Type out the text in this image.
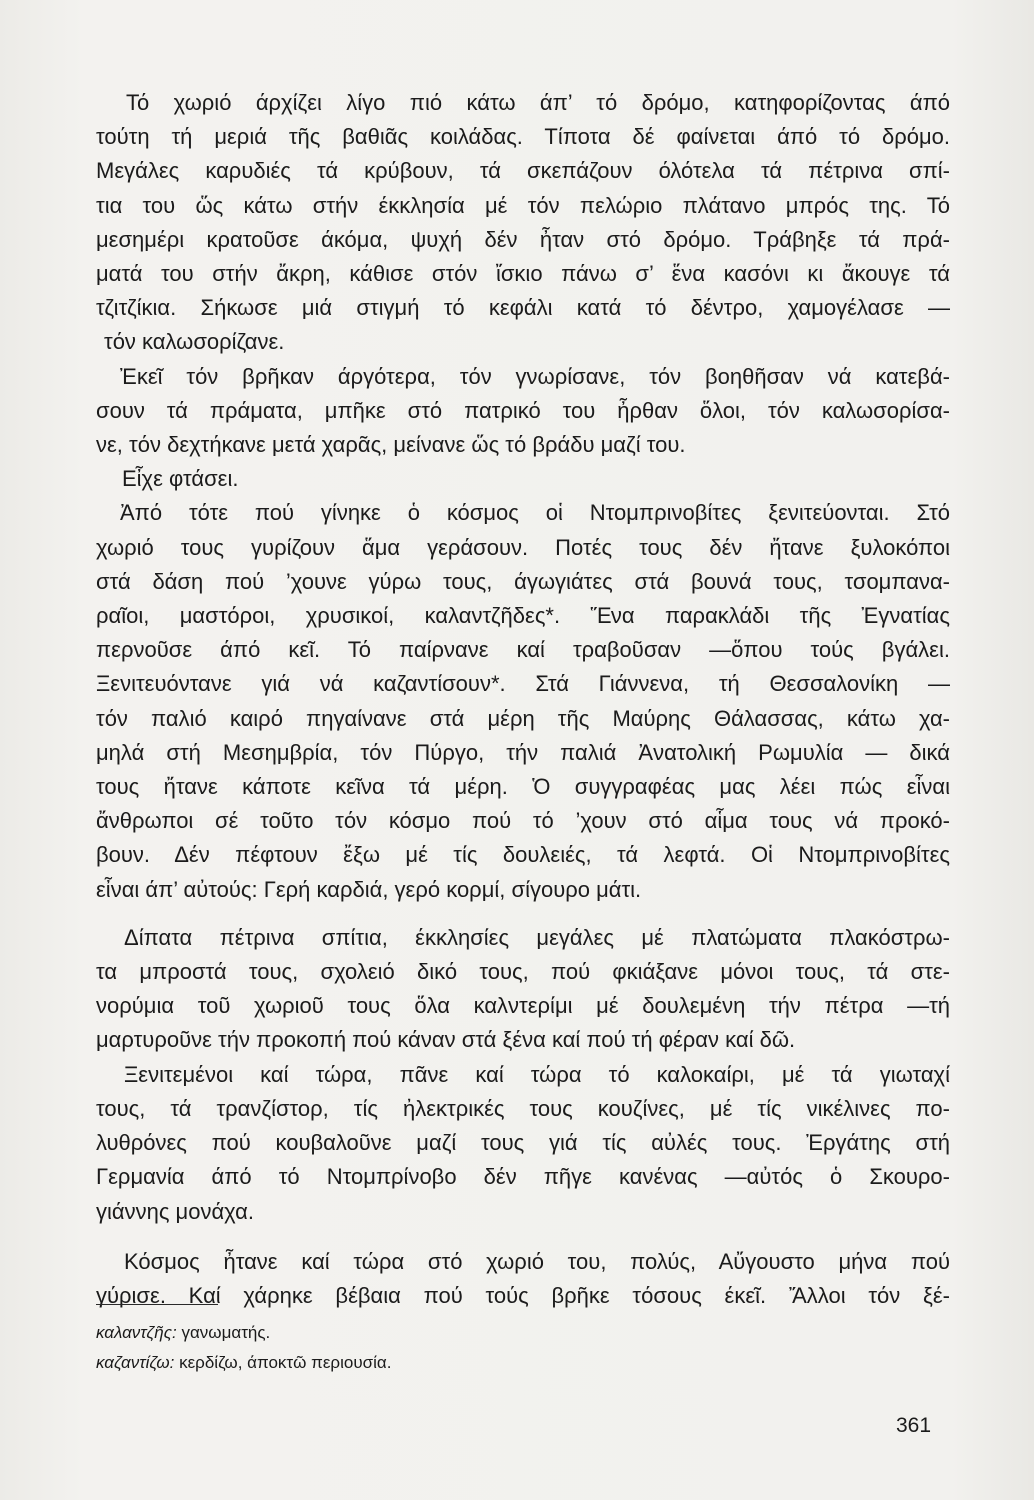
Τό χωριό άρχίζει λίγο πιό κάτω άπ’ τό δρόμο, κατηφορίζοντας άπό
τούτη τή μεριά τῆς βαθιᾶς κοιλάδας. Τίποτα δέ φαίνεται άπό τό δρόμο.
Μεγάλες καρυδιές τά κρύβουν, τά σκεπάζουν όλότελα τά πέτρινα σπί-
τια του ὥς κάτω στήν έκκλησία μέ τόν πελώριο πλάτανο μπρός της. Τό
μεσημέρι κρατοῦσε άκόμα, ψυχή δέν ἦταν στό δρόμο. Τράβηξε τά πρά-
ματά του στήν ἄκρη, κάθισε στόν ἴσκιο πάνω σ’ ἕνα κασόνι κι ἄκουγε τά
τζιτζίκια. Σήκωσε μιά στιγμή τό κεφάλι κατά τό δέντρο, χαμογέλασε —
τόν καλωσορίζανε.

Ἐκεῖ τόν βρῆκαν άργότερα, τόν γνωρίσανε, τόν βοηθῆσαν νά κατεβά-
σουν τά πράματα, μπῆκε στό πατρικό του ἦρθαν ὅλοι, τόν καλωσορίσα-
νε, τόν δεχτήκανε μετά χαρᾶς, μείνανε ὥς τό βράδυ μαζί του.

Εἶχε φτάσει.

Ἀπό τότε πού γίνηκε ὁ κόσμος οἱ Ντομπρινοβίτες ξενιτεύονται. Στό
χωριό τους γυρίζουν ἅμα γεράσουν. Ποτές τους δέν ἤτανε ξυλοκόποι
στά δάση πού ’χουνε γύρω τους, άγωγιάτες στά βουνά τους, τσομπανα-
ραῖοι, μαστόροι, χρυσικοί, καλαντζῆδες*. Ἕνα παρακλάδι τῆς Ἐγνατίας
περνοῦσε άπό κεῖ. Τό παίρνανε καί τραβοῦσαν —ὅπου τούς βγάλει.
Ξενιτευόντανε γιά νά καζαντίσουν*. Στά Γιάννενα, τή Θεσσαλονίκη —
τόν παλιό καιρό πηγαίνανε στά μέρη τῆς Μαύρης Θάλασσας, κάτω χα-
μηλά στή Μεσημβρία, τόν Πύργο, τήν παλιά Ἀνατολική Ρωμυλία — δικά
τους ἤτανε κάποτε κεῖνα τά μέρη. Ὁ συγγραφέας μας λέει πώς εἶναι
ἄνθρωποι σέ τοῦτο τόν κόσμο πού τό ’χουν στό αἷμα τους νά προκό-
βουν. Δέν πέφτουν ἔξω μέ τίς δουλειές, τά λεφτά. Οἱ Ντομπρινοβίτες
εἶναι άπ’ αὐτούς: Γερή καρδιά, γερό κορμί, σίγουρο μάτι.

Δίπατα πέτρινα σπίτια, έκκλησίες μεγάλες μέ πλατώματα πλακόστρω-
τα μπροστά τους, σχολειό δικό τους, πού φκιάξανε μόνοι τους, τά στε-
νορύμια τοῦ χωριοῦ τους ὅλα καλντερίμι μέ δουλεμένη τήν πέτρα —τή
μαρτυροῦνε τήν προκοπή πού κάναν στά ξένα καί πού τή φέραν καί δῶ.

Ξενιτεμένοι καί τώρα, πᾶνε καί τώρα τό καλοκαίρι, μέ τά γιωταχί
τους, τά τρανζίστορ, τίς ἠλεκτρικές τους κουζίνες, μέ τίς νικέλινες πο-
λυθρόνες πού κουβαλοῦνε μαζί τους γιά τίς αὐλές τους. Ἐργάτης στή
Γερμανία άπό τό Ντομπρίνοβο δέν πῆγε κανένας —αὐτός ὁ Σκουρο-
γιάννης μονάχα.

Κόσμος ἦτανε καί τώρα στό χωριό του, πολύς, Αὔγουστο μήνα πού
γύρισε. Καί χάρηκε βέβαια πού τούς βρῆκε τόσους έκεῖ. Ἄλλοι τόν ξέ-

καλαντζῆς: γανωματής.
καζαντίζω: κερδίζω, άποκτῶ περιουσία.
361
